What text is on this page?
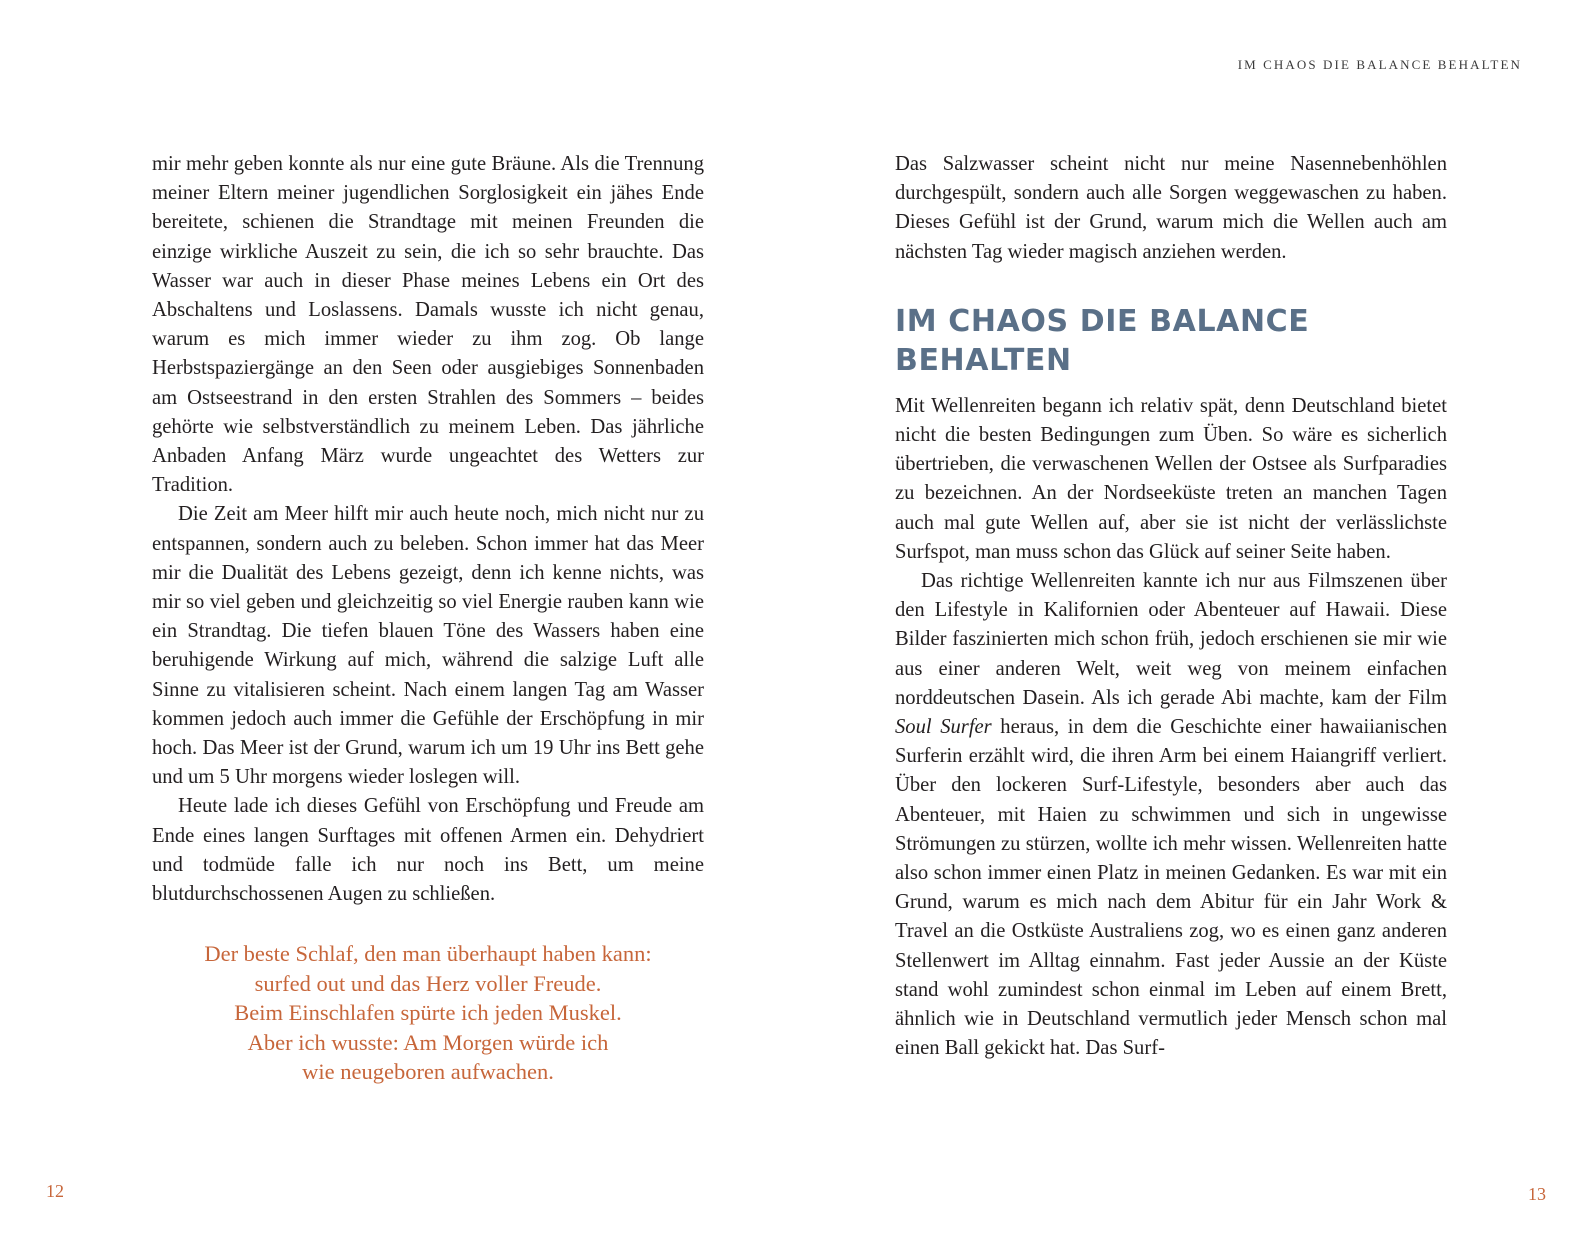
IM CHAOS DIE BALANCE BEHALTEN

mir mehr geben konnte als nur eine gute Bräune. Als die Trennung meiner Eltern meiner jugendlichen Sorglosigkeit ein jähes Ende bereitete, schienen die Strandtage mit meinen Freunden die einzige wirkliche Auszeit zu sein, die ich so sehr brauchte. Das Wasser war auch in dieser Phase meines Lebens ein Ort des Abschaltens und Loslassens. Damals wusste ich nicht genau, warum es mich immer wieder zu ihm zog. Ob lange Herbstspaziergänge an den Seen oder ausgiebiges Sonnenbaden am Ostseestrand in den ersten Strahlen des Sommers – beides gehörte wie selbstverständlich zu meinem Leben. Das jährliche Anbaden Anfang März wurde ungeachtet des Wetters zur Tradition.

Die Zeit am Meer hilft mir auch heute noch, mich nicht nur zu entspannen, sondern auch zu beleben. Schon immer hat das Meer mir die Dualität des Lebens gezeigt, denn ich kenne nichts, was mir so viel geben und gleichzeitig so viel Energie rauben kann wie ein Strandtag. Die tiefen blauen Töne des Wassers haben eine beruhigende Wirkung auf mich, während die salzige Luft alle Sinne zu vitalisieren scheint. Nach einem langen Tag am Wasser kommen jedoch auch immer die Gefühle der Erschöpfung in mir hoch. Das Meer ist der Grund, warum ich um 19 Uhr ins Bett gehe und um 5 Uhr morgens wieder loslegen will.

Heute lade ich dieses Gefühl von Erschöpfung und Freude am Ende eines langen Surftages mit offenen Armen ein. Dehydriert und todmüde falle ich nur noch ins Bett, um meine blutdurchschossenen Augen zu schließen.

Der beste Schlaf, den man überhaupt haben kann:
surfed out und das Herz voller Freude.
Beim Einschlafen spürte ich jeden Muskel.
Aber ich wusste: Am Morgen würde ich
wie neugeboren aufwachen.

Das Salzwasser scheint nicht nur meine Nasennebenhöhlen durchgespült, sondern auch alle Sorgen weggewaschen zu haben. Dieses Gefühl ist der Grund, warum mich die Wellen auch am nächsten Tag wieder magisch anziehen werden.

IM CHAOS DIE BALANCE
BEHALTEN

Mit Wellenreiten begann ich relativ spät, denn Deutschland bietet nicht die besten Bedingungen zum Üben. So wäre es sicherlich übertrieben, die verwaschenen Wellen der Ostsee als Surfparadies zu bezeichnen. An der Nordseeküste treten an manchen Tagen auch mal gute Wellen auf, aber sie ist nicht der verlässlichste Surfspot, man muss schon das Glück auf seiner Seite haben.

Das richtige Wellenreiten kannte ich nur aus Filmszenen über den Lifestyle in Kalifornien oder Abenteuer auf Hawaii. Diese Bilder faszinierten mich schon früh, jedoch erschienen sie mir wie aus einer anderen Welt, weit weg von meinem einfachen norddeutschen Dasein. Als ich gerade Abi machte, kam der Film Soul Surfer heraus, in dem die Geschichte einer hawaiianischen Surferin erzählt wird, die ihren Arm bei einem Haiangriff verliert. Über den lockeren Surf-Lifestyle, besonders aber auch das Abenteuer, mit Haien zu schwimmen und sich in ungewisse Strömungen zu stürzen, wollte ich mehr wissen. Wellenreiten hatte also schon immer einen Platz in meinen Gedanken. Es war mit ein Grund, warum es mich nach dem Abitur für ein Jahr Work & Travel an die Ostküste Australiens zog, wo es einen ganz anderen Stellenwert im Alltag einnahm. Fast jeder Aussie an der Küste stand wohl zumindest schon einmal im Leben auf einem Brett, ähnlich wie in Deutschland vermutlich jeder Mensch schon mal einen Ball gekickt hat. Das Surf-

12	13
